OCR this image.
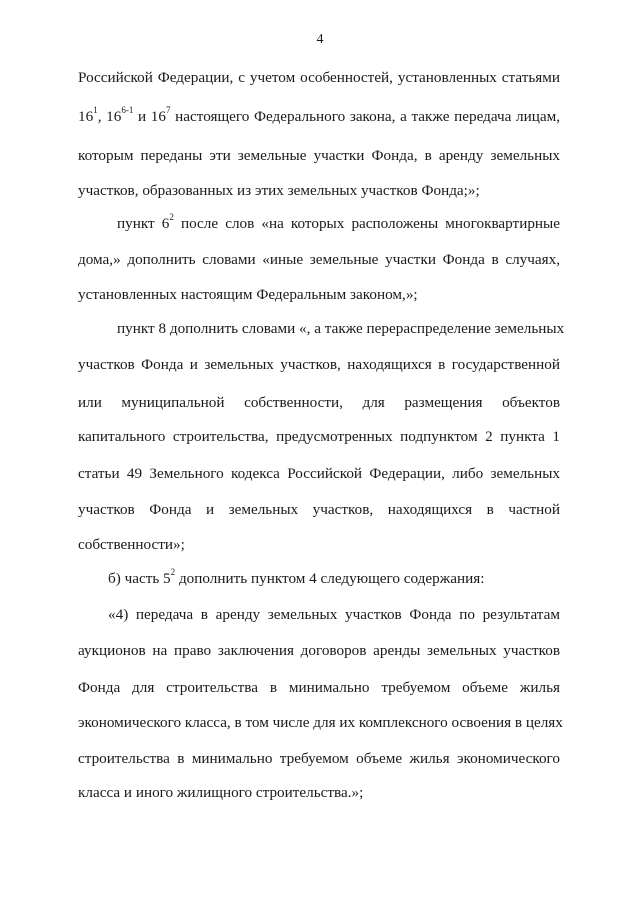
4
Российской Федерации, с учетом особенностей, установленных статьями
$16^1$, 16$^{6-1}$ и $16^7$ настоящего Федерального закона, а также передача лицам,
которым переданы эти земельные участки Фонда, в аренду земельных
участков, образованных из этих земельных участков Фонда;»;
пункт $6^2$ после слов «на которых расположены многоквартирные
дома,» дополнить словами «иные земельные участки Фонда в случаях,
установленных настоящим Федеральным законом,»;
пункт 8 дополнить словами «, а также перераспределение земельных
участков Фонда и земельных участков, находящихся в государственной
или муниципальной собственности, для размещения объектов
капитального строительства, предусмотренных подпунктом 2 пункта 1
статьи 49 Земельного кодекса Российской Федерации, либо земельных
участков Фонда и земельных участков, находящихся в частной
собственности»;
б) часть $5^2$ дополнить пунктом 4 следующего содержания:
«4) передача в аренду земельных участков Фонда по результатам
аукционов на право заключения договоров аренды земельных участков
Фонда для строительства в минимально требуемом объеме жилья
экономического класса, в том числе для их комплексного освоения в целях
строительства в минимально требуемом объеме жилья экономического
класса и иного жилищного строительства.»;
